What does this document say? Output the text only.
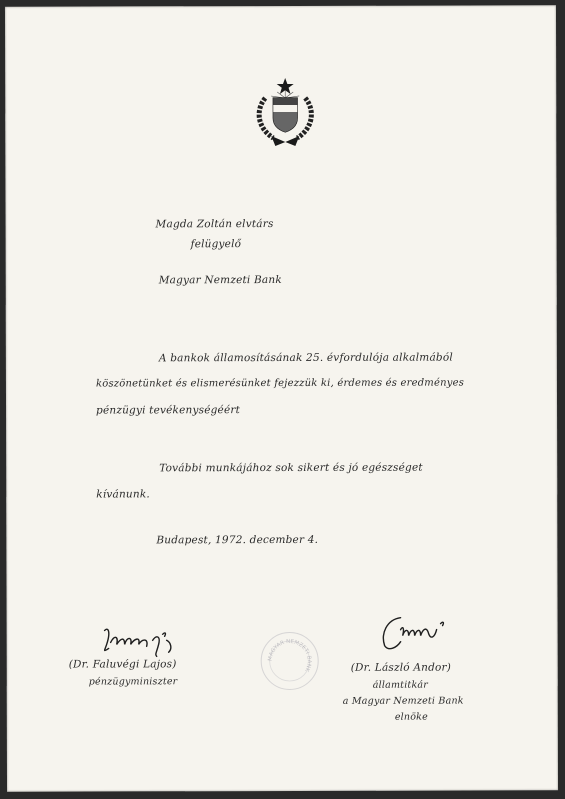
Magda Zoltán elvtárs
felügyelő
Magyar Nemzeti Bank
A bankok államosításának 25. évfordulója alkalmából
köszönetünket és elismerésünket fejezzük ki, érdemes és eredményes
pénzügyi tevékenységéért
További munkájához sok sikert és jó egészséget
kívánunk.
Budapest, 1972. december 4.
MAGYAR NEMZETI BANK
(Dr. Faluvégi Lajos)
pénzügyminiszter
(Dr. László Andor)
államtitkár
a Magyar Nemzeti Bank
elnöke
